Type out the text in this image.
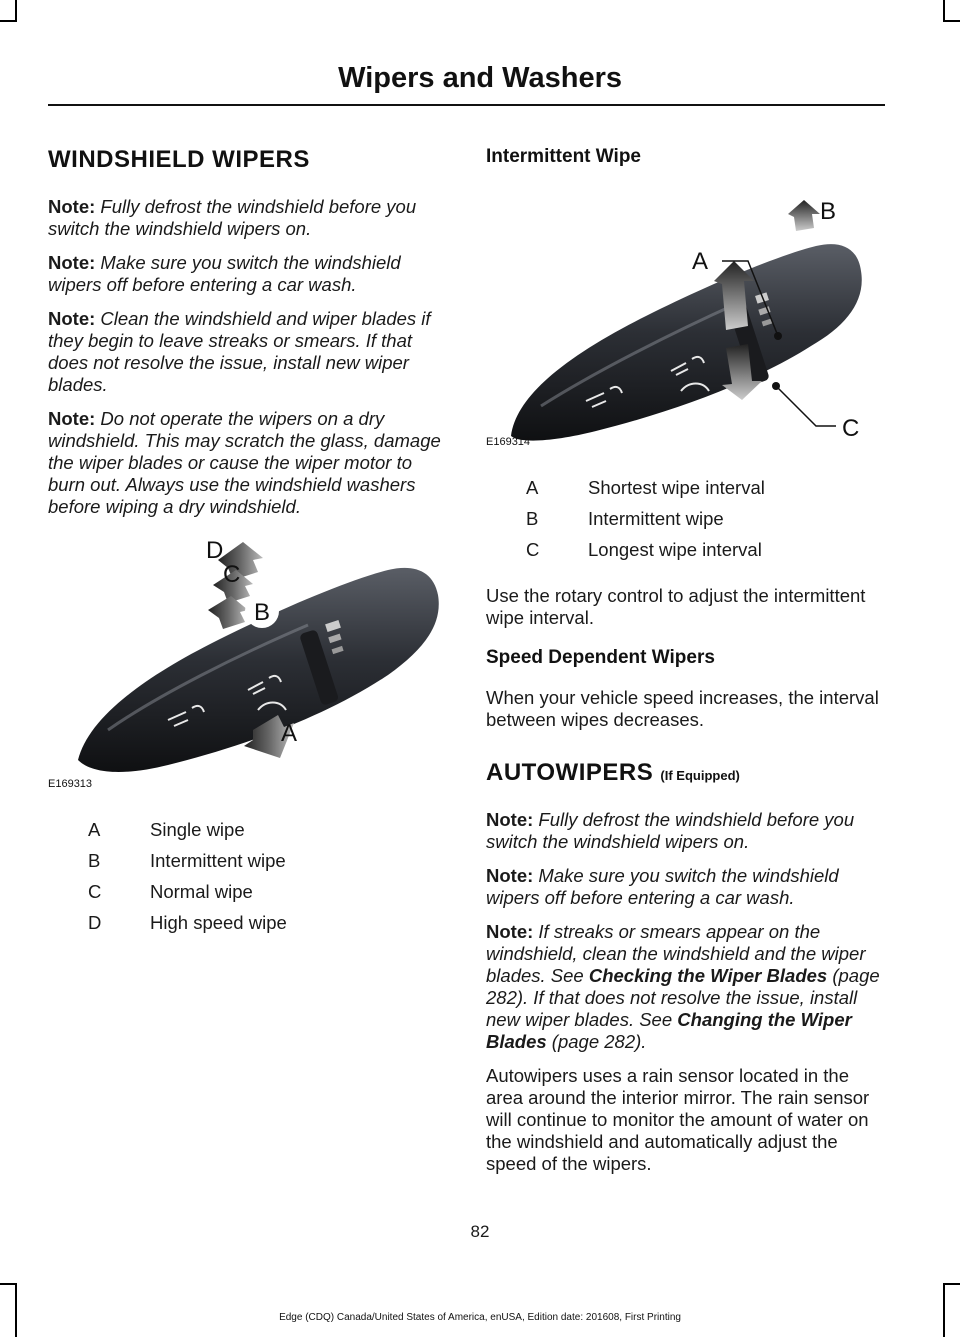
Wipers and Washers
WINDSHIELD WIPERS

Note: Fully defrost the windshield before you switch the windshield wipers on.

Note: Make sure you switch the windshield wipers off before entering a car wash.

Note: Clean the windshield and wiper blades if they begin to leave streaks or smears. If that does not resolve the issue, install new wiper blades.

Note: Do not operate the wipers on a dry windshield. This may scratch the glass, damage the wiper blades or cause the wiper motor to burn out. Always use the windshield washers before wiping a dry windshield.

D
C
B
A
E169313
A	Single wipe
B	Intermittent wipe
C	Normal wipe
D	High speed wipe
Intermittent Wipe
A
B
C
E169314
A	Shortest wipe interval
B	Intermittent wipe
C	Longest wipe interval

Use the rotary control to adjust the intermittent wipe interval.

Speed Dependent Wipers

When your vehicle speed increases, the interval between wipes decreases.

AUTOWIPERS (If Equipped)

Note: Fully defrost the windshield before you switch the windshield wipers on.

Note: Make sure you switch the windshield wipers off before entering a car wash.

Note: If streaks or smears appear on the windshield, clean the windshield and the wiper blades. See Checking the Wiper Blades (page 282). If that does not resolve the issue, install new wiper blades. See Changing the Wiper Blades (page 282).

Autowipers uses a rain sensor located in the area around the interior mirror. The rain sensor will continue to monitor the amount of water on the windshield and automatically adjust the speed of the wipers.

82
Edge (CDQ) Canada/United States of America, enUSA, Edition date: 201608, First Printing
